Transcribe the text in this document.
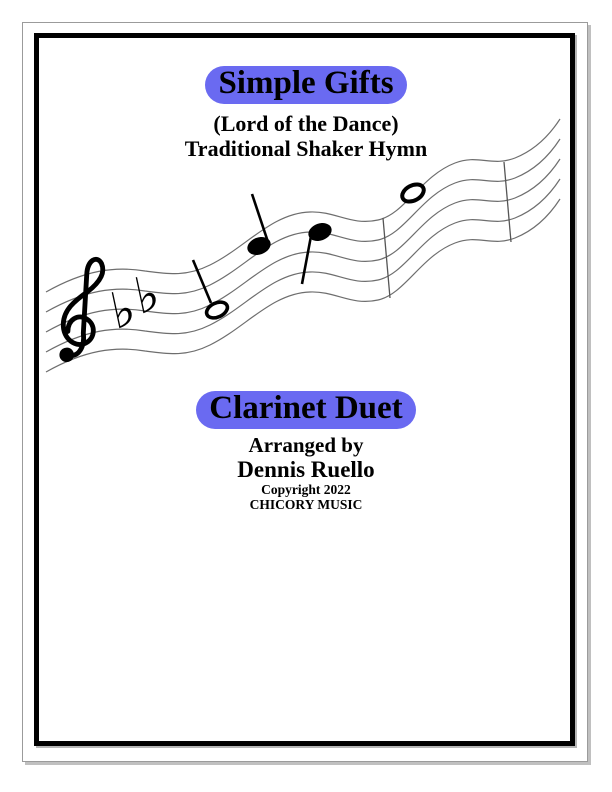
♭
♭
Simple Gifts
(Lord of the Dance)
Traditional Shaker Hymn
Clarinet Duet
Arranged by
Dennis Ruello
Copyright 2022
CHICORY MUSIC
